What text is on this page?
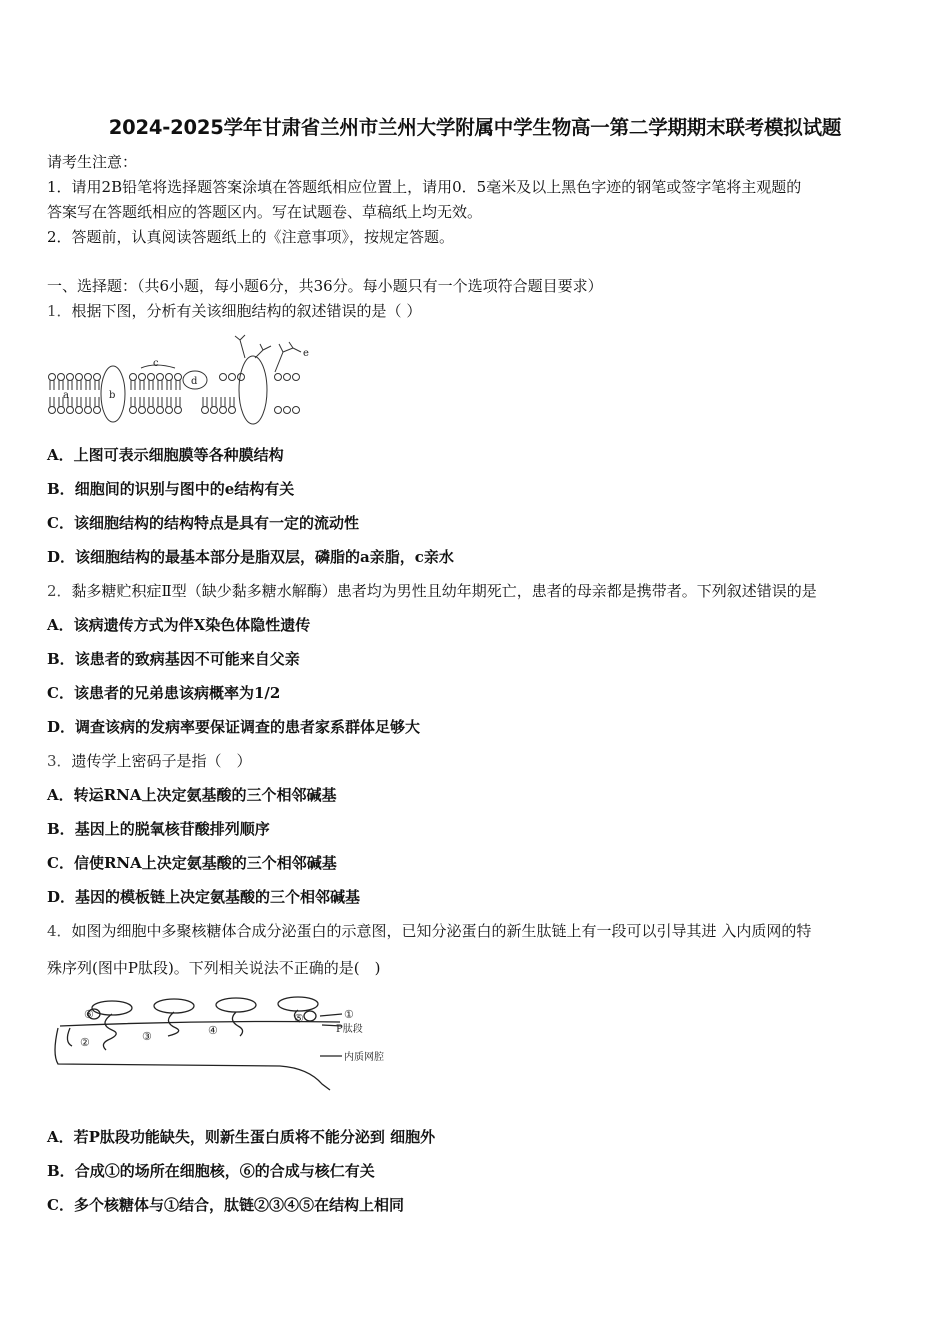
2024-2025学年甘肃省兰州市兰州大学附属中学生物高一第二学期期末联考模拟试题
请考生注意：
1．请用2B铅笔将选择题答案涂填在答题纸相应位置上，请用0．5毫米及以上黑色字迹的钢笔或签字笔将主观题的
答案写在答题纸相应的答题区内。写在试题卷、草稿纸上均无效。
2．答题前，认真阅读答题纸上的《注意事项》，按规定答题。
一、选择题：（共6小题，每小题6分，共36分。每小题只有一个选项符合题目要求）
1．根据下图，分析有关该细胞结构的叙述错误的是（ ）
a	b
c
d
e
A．上图可表示细胞膜等各种膜结构
B．细胞间的识别与图中的e结构有关
C．该细胞结构的结构特点是具有一定的流动性
D．该细胞结构的最基本部分是脂双层，磷脂的a亲脂，c亲水
2．黏多糖贮积症Ⅱ型（缺少黏多糖水解酶）患者均为男性且幼年期死亡，患者的母亲都是携带者。下列叙述错误的是
A．该病遗传方式为伴X染色体隐性遗传
B．该患者的致病基因不可能来自父亲
C．该患者的兄弟患该病概率为1/2
D．调查该病的发病率要保证调查的患者家系群体足够大
3．遗传学上密码子是指（　）
A．转运RNA上决定氨基酸的三个相邻碱基
B．基因上的脱氧核苷酸排列顺序
C．信使RNA上决定氨基酸的三个相邻碱基
D．基因的模板链上决定氨基酸的三个相邻碱基
4．如图为细胞中多聚核糖体合成分泌蛋白的示意图，已知分泌蛋白的新生肽链上有一段可以引导其进 入内质网的特
殊序列(图中P肽段)。下列相关说法不正确的是(　)
⑥
②	③	④
⑤	①
P肽段
内质网腔
A．若P肽段功能缺失，则新生蛋白质将不能分泌到 细胞外
B．合成①的场所在细胞核，⑥的合成与核仁有关
C．多个核糖体与①结合，肽链②③④⑤在结构上相同
